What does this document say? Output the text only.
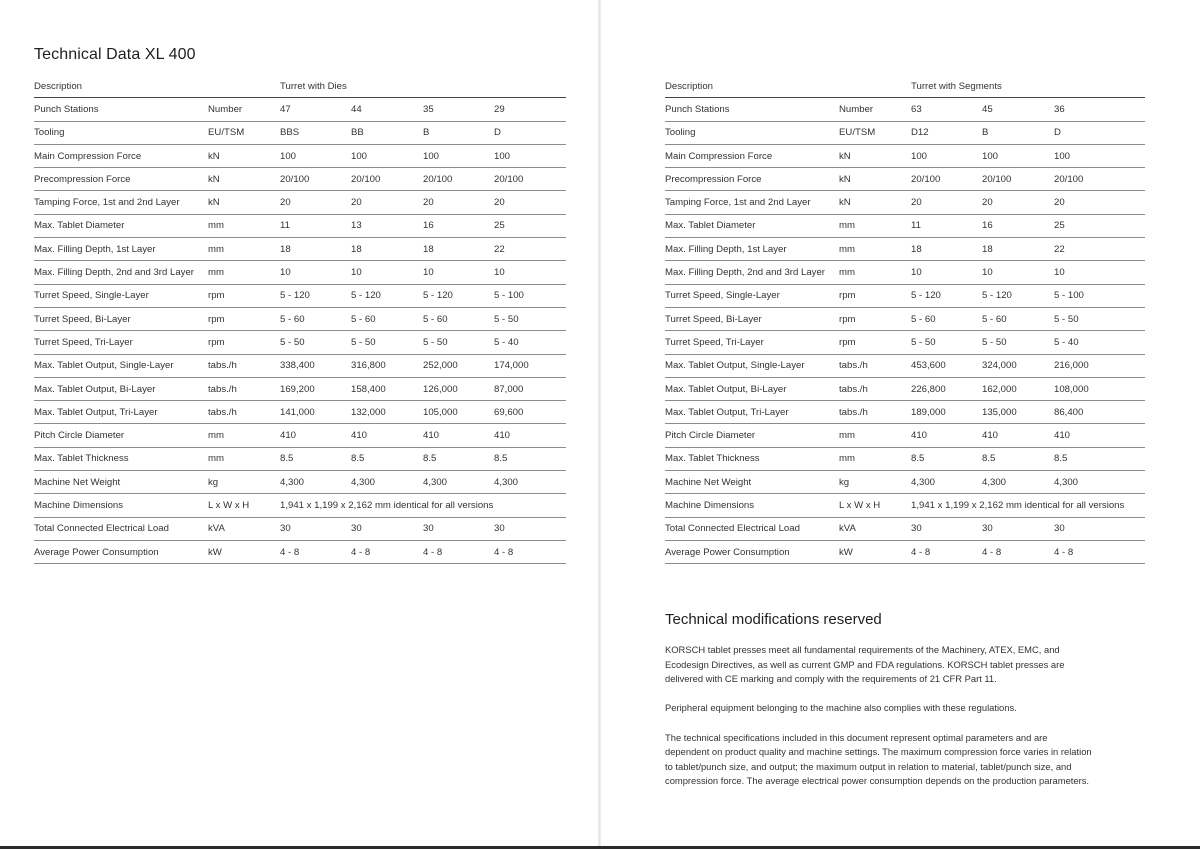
Technical Data XL 400
Description		Turret with Dies			
Punch Stations	Number	47	44	35	29
Tooling	EU/TSM	BBS	BB	B	D
Main Compression Force	kN	100	100	100	100
Precompression Force	kN	20/100	20/100	20/100	20/100
Tamping Force, 1st and 2nd Layer	kN	20	20	20	20
Max. Tablet Diameter	mm	11	13	16	25
Max. Filling Depth, 1st Layer	mm	18	18	18	22
Max. Filling Depth, 2nd and 3rd Layer	mm	10	10	10	10
Turret Speed, Single-Layer	rpm	5 - 120	5 - 120	5 - 120	5 - 100
Turret Speed, Bi-Layer	rpm	5 - 60	5 - 60	5 - 60	5 - 50
Turret Speed, Tri-Layer	rpm	5 - 50	5 - 50	5 - 50	5 - 40
Max. Tablet Output, Single-Layer	tabs./h	338,400	316,800	252,000	174,000
Max. Tablet Output, Bi-Layer	tabs./h	169,200	158,400	126,000	87,000
Max. Tablet Output, Tri-Layer	tabs./h	141,000	132,000	105,000	69,600
Pitch Circle Diameter	mm	410	410	410	410
Max. Tablet Thickness	mm	8.5	8.5	8.5	8.5
Machine Net Weight	kg	4,300	4,300	4,300	4,300
Machine Dimensions	L x W x H	1,941 x 1,199 x 2,162 mm identical for all versions			
Total Connected Electrical Load	kVA	30	30	30	30
Average Power Consumption	kW	4 - 8	4 - 8	4 - 8	4 - 8
Description		Turret with Segments		
Punch Stations	Number	63	45	36
Tooling	EU/TSM	D12	B	D
Main Compression Force	kN	100	100	100
Precompression Force	kN	20/100	20/100	20/100
Tamping Force, 1st and 2nd Layer	kN	20	20	20
Max. Tablet Diameter	mm	11	16	25
Max. Filling Depth, 1st Layer	mm	18	18	22
Max. Filling Depth, 2nd and 3rd Layer	mm	10	10	10
Turret Speed, Single-Layer	rpm	5 - 120	5 - 120	5 - 100
Turret Speed, Bi-Layer	rpm	5 - 60	5 - 60	5 - 50
Turret Speed, Tri-Layer	rpm	5 - 50	5 - 50	5 - 40
Max. Tablet Output, Single-Layer	tabs./h	453,600	324,000	216,000
Max. Tablet Output, Bi-Layer	tabs./h	226,800	162,000	108,000
Max. Tablet Output, Tri-Layer	tabs./h	189,000	135,000	86,400
Pitch Circle Diameter	mm	410	410	410
Max. Tablet Thickness	mm	8.5	8.5	8.5
Machine Net Weight	kg	4,300	4,300	4,300
Machine Dimensions	L x W x H	1,941 x 1,199 x 2,162 mm identical for all versions		
Total Connected Electrical Load	kVA	30	30	30
Average Power Consumption	kW	4 - 8	4 - 8	4 - 8
Technical modifications reserved

KORSCH tablet presses meet all fundamental requirements of the Machinery, ATEX, EMC, and Ecodesign Directives, as well as current GMP and FDA regulations. KORSCH tablet presses are delivered with CE marking and comply with the requirements of 21 CFR Part 11.

Peripheral equipment belonging to the machine also complies with these regulations.

The technical specifications included in this document represent optimal parameters and are dependent on product quality and machine settings. The maximum compression force varies in relation to tablet/punch size, and output; the maximum output in relation to material, tablet/punch size, and compression force. The average electrical power consumption depends on the production parameters.
